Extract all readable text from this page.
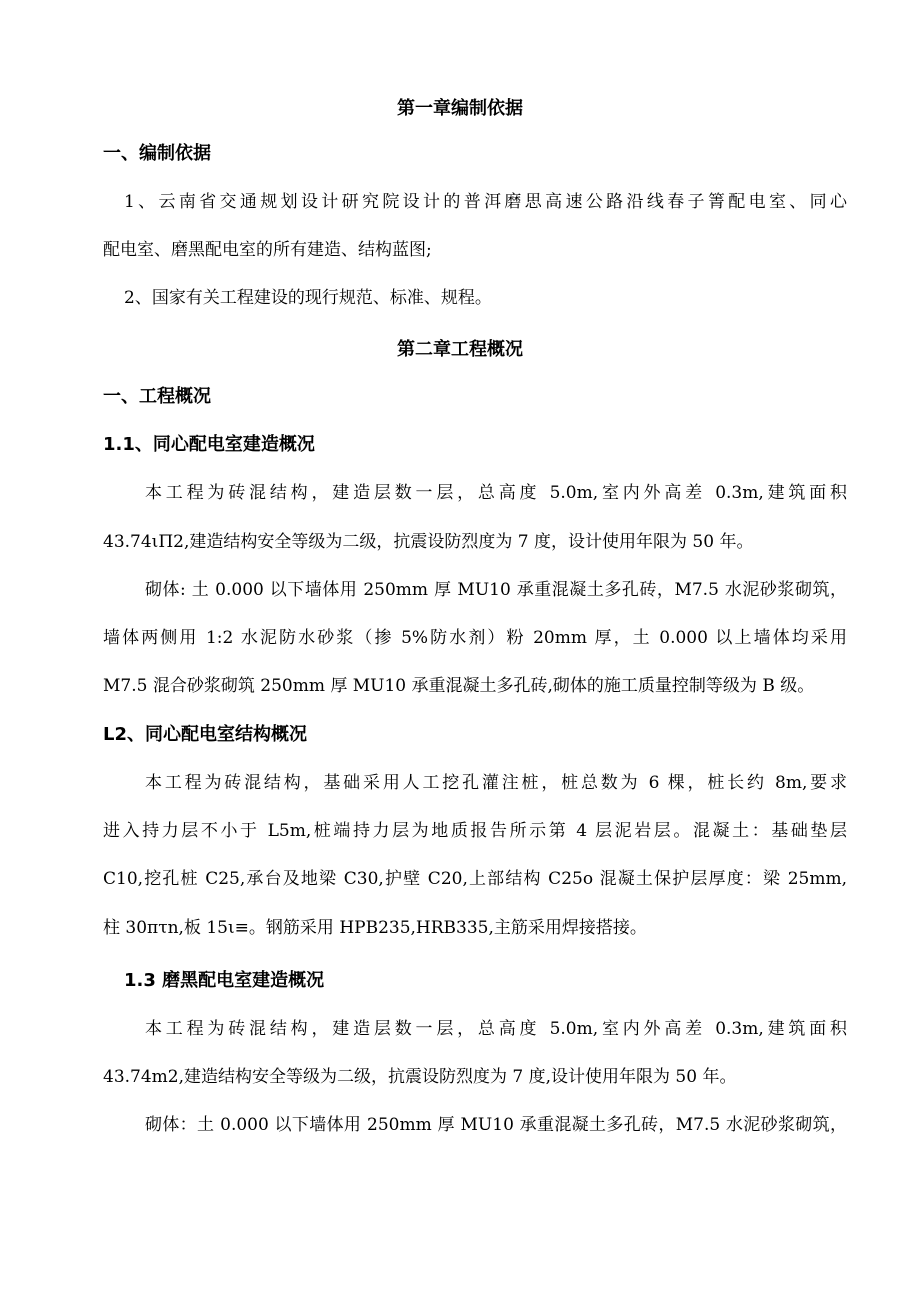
第一章编制依据
一、编制依据
1、云南省交通规划设计研究院设计的普洱磨思高速公路沿线春子箐配电室、同心
配电室、磨黑配电室的所有建造、结构蓝图;
2、国家有关工程建设的现行规范、标准、规程。
第二章工程概况
一、工程概况
1.1、同心配电室建造概况
本工程为砖混结构，建造层数一层，总高度 5.0m,室内外高差 0.3m,建筑面积
43.74ιΠ2,建造结构安全等级为二级，抗震设防烈度为 7 度，设计使用年限为 50 年。
砌体: 土 0.000 以下墙体用 250mm 厚 MU10 承重混凝土多孔砖，M7.5 水泥砂浆砌筑，
墙体两侧用 1:2 水泥防水砂浆（掺 5%防水剂）粉 20mm 厚，土 0.000 以上墙体均采用
M7.5 混合砂浆砌筑 250mm 厚 MU10 承重混凝土多孔砖,砌体的施工质量控制等级为 B 级。
L2、同心配电室结构概况
本工程为砖混结构，基础采用人工挖孔灌注桩，桩总数为 6 棵，桩长约 8m,要求
进入持力层不小于 L5m,桩端持力层为地质报告所示第 4 层泥岩层。混凝土：基础垫层
C10,挖孔桩 C25,承台及地梁 C30,护壁 C20,上部结构 C25o 混凝土保护层厚度：梁 25mm,
柱 30πτn,板 15ι≡。钢筋采用 HPB235,HRB335,主筋采用焊接搭接。
1.3 磨黑配电室建造概况
本工程为砖混结构，建造层数一层，总高度 5.0m,室内外高差 0.3m,建筑面积
43.74m2,建造结构安全等级为二级，抗震设防烈度为 7 度,设计使用年限为 50 年。
砌体：土 0.000 以下墙体用 250mm 厚 MU10 承重混凝土多孔砖，M7.5 水泥砂浆砌筑，
